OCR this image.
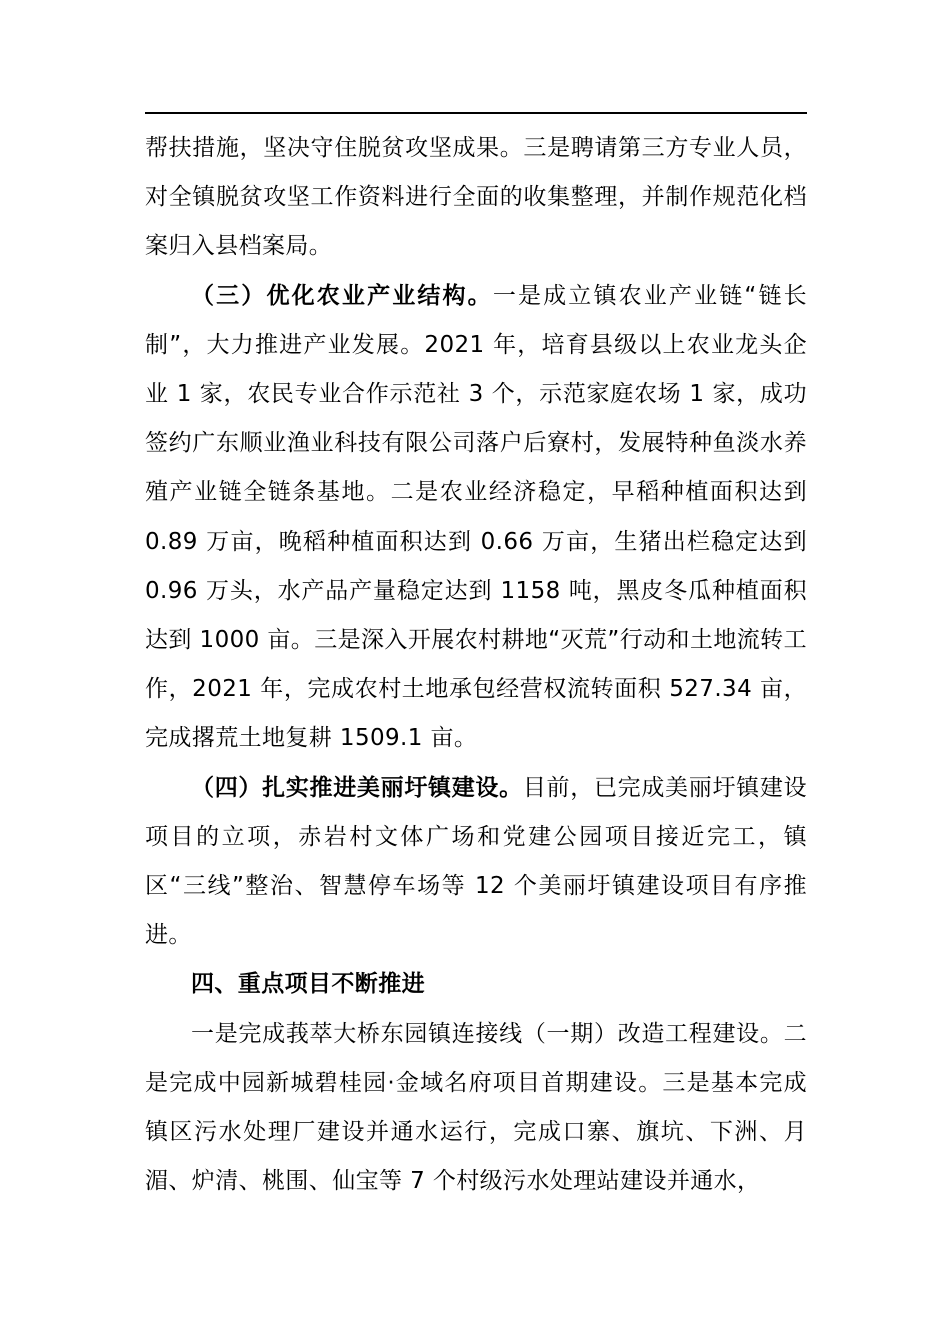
帮扶措施，坚决守住脱贫攻坚成果。三是聘请第三方专业人员，对全镇脱贫攻坚工作资料进行全面的收集整理，并制作规范化档案归入县档案局。

（三）优化农业产业结构。一是成立镇农业产业链“链长制”，大力推进产业发展。2021 年，培育县级以上农业龙头企业 1 家，农民专业合作示范社 3 个，示范家庭农场 1 家，成功签约广东顺业渔业科技有限公司落户后寮村，发展特种鱼淡水养殖产业链全链条基地。二是农业经济稳定，早稻种植面积达到 0.89 万亩，晚稻种植面积达到 0.66 万亩，生猪出栏稳定达到 0.96 万头，水产品产量稳定达到 1158 吨，黑皮冬瓜种植面积达到 1000 亩。三是深入开展农村耕地“灭荒”行动和土地流转工作，2021 年，完成农村土地承包经营权流转面积 527.34 亩，完成撂荒土地复耕 1509.1 亩。

（四）扎实推进美丽圩镇建设。目前，已完成美丽圩镇建设项目的立项，赤岩村文体广场和党建公园项目接近完工，镇区“三线”整治、智慧停车场等 12 个美丽圩镇建设项目有序推进。

四、重点项目不断推进

一是完成莪萃大桥东园镇连接线（一期）改造工程建设。二是完成中园新城碧桂园·金域名府项目首期建设。三是基本完成镇区污水处理厂建设并通水运行，完成口寨、旗坑、下洲、月湄、炉清、桃围、仙宝等 7 个村级污水处理站建设并通水，
